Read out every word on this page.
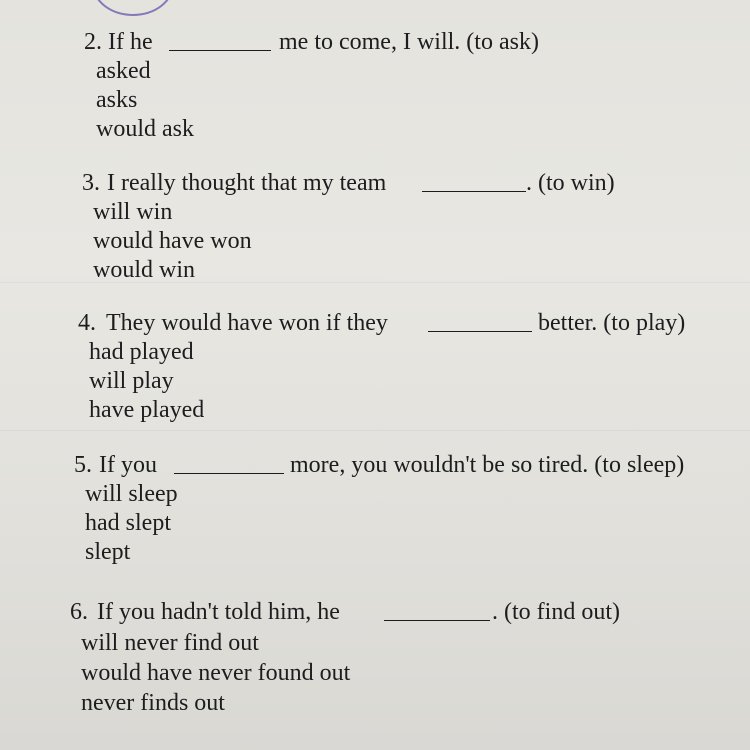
2. If he	me to come, I will. (to ask)
asked
asks
would ask
3. I really thought that my team	. (to win)
will win
would have won
would win
4. They would have won if they	better. (to play)
had played
will play
have played
5. If you	more, you wouldn't be so tired. (to sleep)
will sleep
had slept
slept
6. If you hadn't told him, he	. (to find out)
will never find out
would have never found out
never finds out
